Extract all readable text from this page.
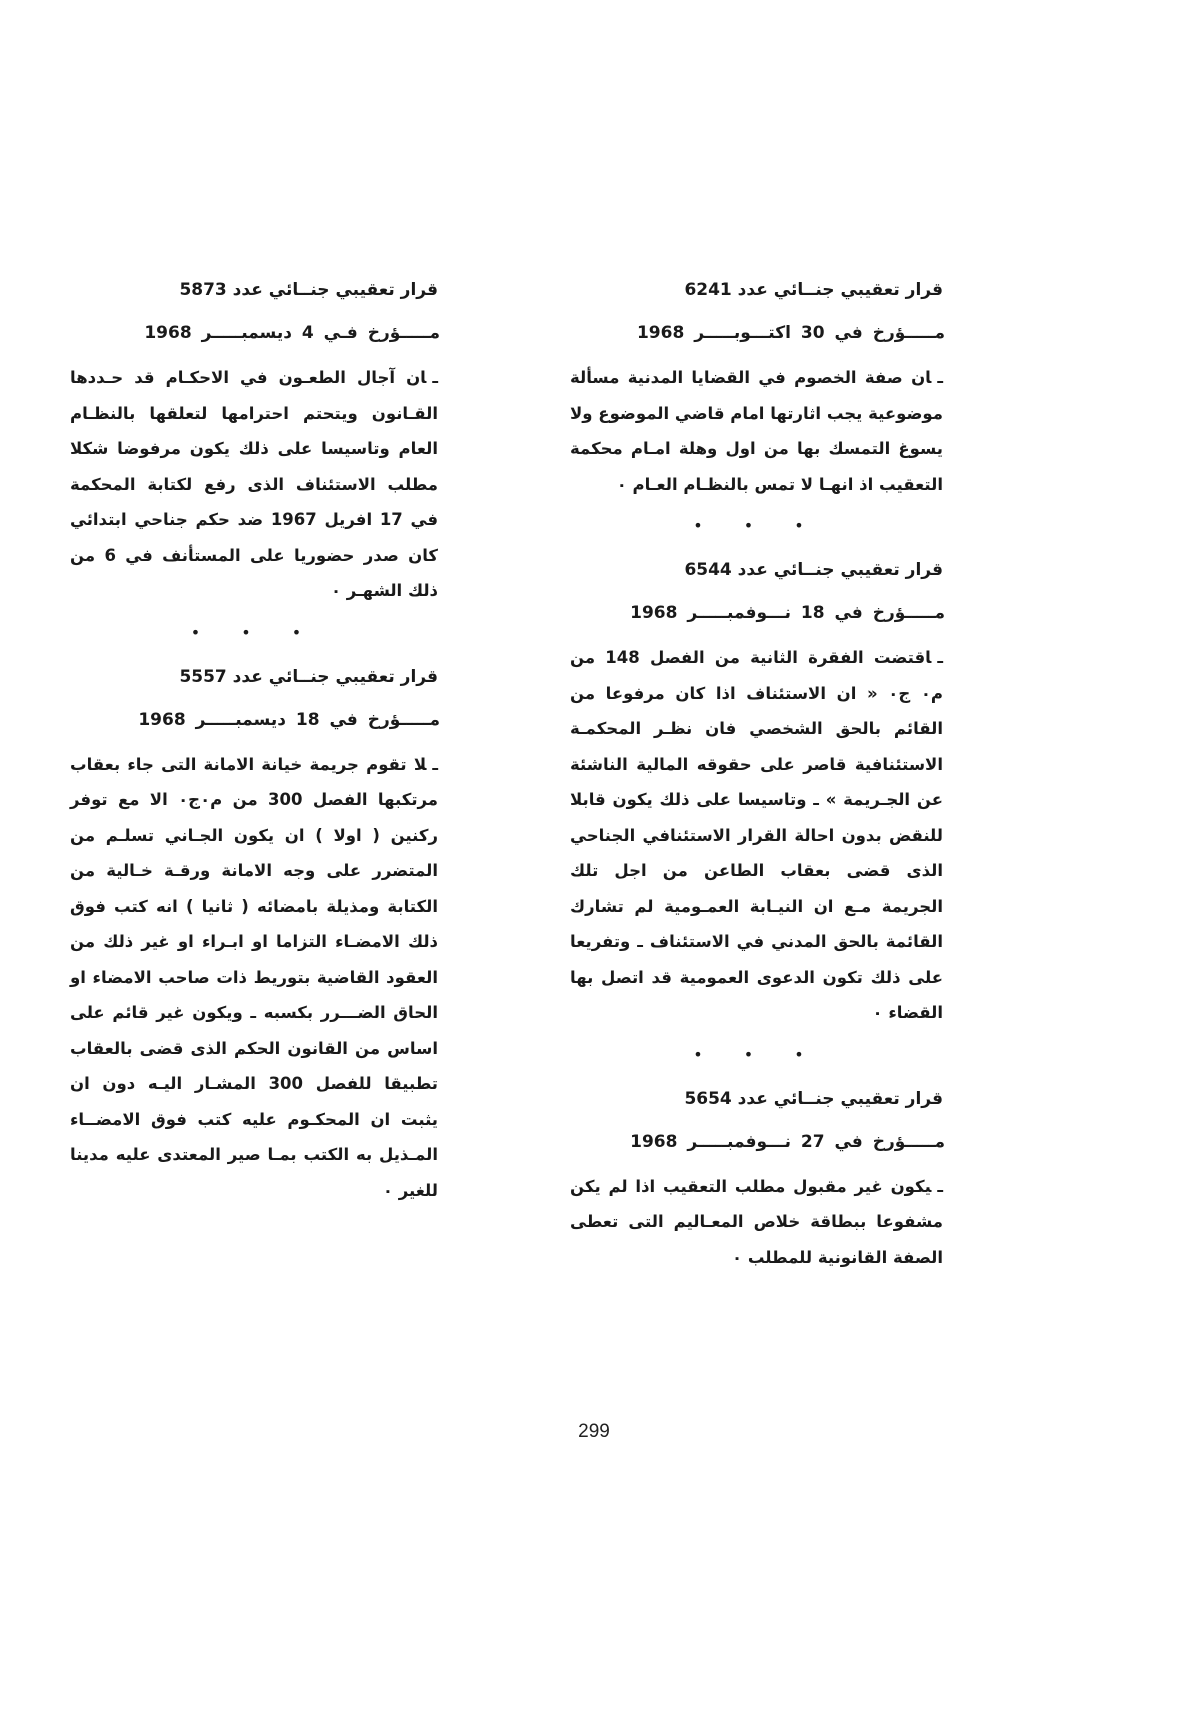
قرار تعقيبي جنــائي عدد 6241
مـــــؤرخ في 30 اكتـــوبـــــر 1968
ـان صفة الخصوم في القضايا المدنية مسألة موضوعية يجب اثارتها امام قاضي الموضوع ولا يسوغ التمسك بها من اول وهلة امـام محكمة التعقيب اذ انهـا لا تمس بالنظـام العـام ٠
• • •
قرار تعقيبي جنــائي عدد 6544
مـــــؤرخ في 18 نـــوفمبـــــر 1968
ـاقتضت الفقرة الثانية من الفصل 148 من م٠ ج٠ « ان الاستئناف اذا كان مرفوعا من القائم بالحق الشخصي فان نظـر المحكمـة الاستئنافية قاصر على حقوقه المالية الناشئة عن الجـريمة » ـ وتاسيسا على ذلك يكون قابلا للنقض بدون احالة القرار الاستئنافي الجناحي الذى قضى بعقاب الطاعن من اجل تلك الجريمة مـع ان النيـابة العمـومية لم تشارك القائمة بالحق المدني في الاستئناف ـ وتفريعا على ذلك تكون الدعوى العمومية قد اتصل بها القضاء ٠
• • •
قرار تعقيبي جنــائي عدد 5654
مـــــؤرخ في 27 نـــوفمبـــــر 1968
ـيكون غير مقبول مطلب التعقيب اذا لم يكن مشفوعا ببطاقة خلاص المعـاليم التى تعطى الصفة القانونية للمطلب ٠
قرار تعقيبي جنــائي عدد 5873
مـــــؤرخ فـي 4 ديسمبـــــر 1968
ـان آجال الطعـون في الاحكـام قد حـددها القـانون ويتحتم احترامها لتعلقها بالنظـام العام وتاسيسا على ذلك يكون مرفوضا شكلا مطلب الاستئناف الذى رفع لكتابة المحكمة في 17 افريل 1967 ضد حكم جناحي ابتدائي كان صدر حضوريا على المستأنف في 6 من ذلك الشهـر ٠
• • •
قرار تعقيبي جنــائي عدد 5557
مـــــؤرخ في 18 ديسمبـــــر 1968
ـلا تقوم جريمة خيانة الامانة التى جاء بعقاب مرتكبها الفصل 300 من م٠ج٠ الا مع توفر ركنين ( اولا ) ان يكون الجـاني تسلـم من المتضرر على وجه الامانة ورقـة خـالية من الكتابة ومذيلة بامضائه ( ثانيا ) انه كتب فوق ذلك الامضـاء التزاما او ابـراء او غير ذلك من العقود القاضية بتوريط ذات صاحب الامضاء او الحاق الضـــرر بكسبه ـ ويكون غير قائم على اساس من القانون الحكم الذى قضى بالعقاب تطبيقا للفصل 300 المشـار اليـه دون ان يثبت ان المحكـوم عليه كتب فوق الامضــاء المـذيل به الكتب بمـا صير المعتدى عليه مدينا للغير ٠
299
